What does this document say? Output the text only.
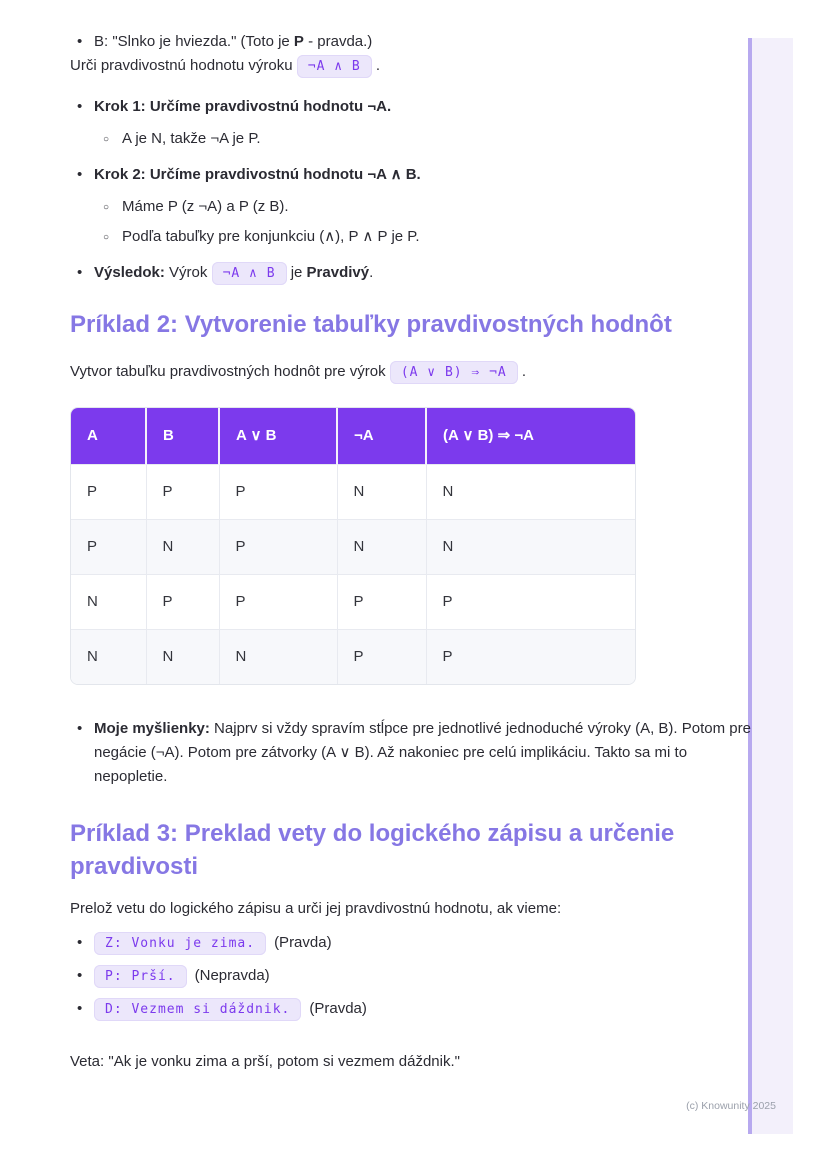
• B: "Slnko je hviezda." (Toto je P - pravda.)

Urči pravdivostnú hodnotu výroku ¬A ∧ B .

• Krok 1: Určíme pravdivostnú hodnotu ¬A.
○ A je N, takže ¬A je P.
• Krok 2: Určíme pravdivostnú hodnotu ¬A ∧ B.
○ Máme P (z ¬A) a P (z B).
○ Podľa tabuľky pre konjunkciu (∧), P ∧ P je P.
• Výsledok: Výrok ¬A ∧ B je Pravdivý.
Príklad 2: Vytvorenie tabuľky pravdivostných hodnôt

Vytvor tabuľku pravdivostných hodnôt pre výrok (A ∨ B) ⇒ ¬A .

A	B	A ∨ B	¬A	(A ∨ B) ⇒ ¬A
P	P	P	N	N
P	N	P	N	N
N	P	P	P	P
N	N	N	P	P
• Moje myšlienky: Najprv si vždy spravím stĺpce pre jednotlivé jednoduché výroky (A, B). Potom pre negácie (¬A). Potom pre zátvorky (A ∨ B). Až nakoniec pre celú implikáciu. Takto sa mi to nepopletie.
Príklad 3: Preklad vety do logického zápisu a určenie pravdivosti

Prelož vetu do logického zápisu a urči jej pravdivostnú hodnotu, ak vieme:

• Z: Vonku je zima. (Pravda)
• P: Prší. (Nepravda)
• D: Vezmem si dáždnik. (Pravda)

Veta: "Ak je vonku zima a prší, potom si vezmem dáždnik."

(c) Knowunity 2025
